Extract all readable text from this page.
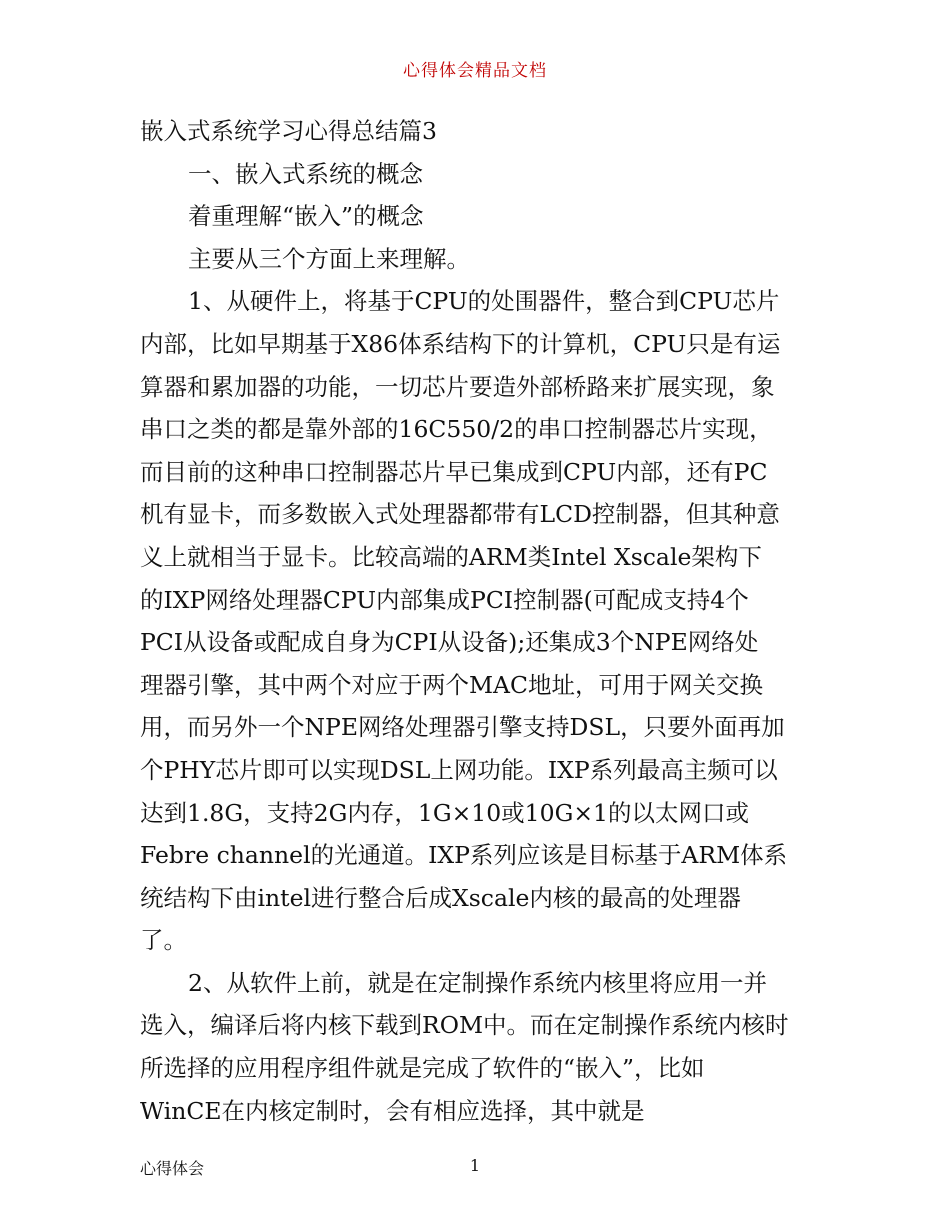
心得体会精品文档
嵌入式系统学习心得总结篇3
一、嵌入式系统的概念
着重理解“嵌入”的概念
主要从三个方面上来理解。
1、从硬件上，将基于CPU的处围器件，整合到CPU芯片
内部，比如早期基于X86体系结构下的计算机，CPU只是有运
算器和累加器的功能，一切芯片要造外部桥路来扩展实现，象
串口之类的都是靠外部的16C550/2的串口控制器芯片实现，
而目前的这种串口控制器芯片早已集成到CPU内部，还有PC
机有显卡，而多数嵌入式处理器都带有LCD控制器，但其种意
义上就相当于显卡。比较高端的ARM类Intel Xscale架构下
的IXP网络处理器CPU内部集成PCI控制器(可配成支持4个
PCI从设备或配成自身为CPI从设备);还集成3个NPE网络处
理器引擎，其中两个对应于两个MAC地址，可用于网关交换
用，而另外一个NPE网络处理器引擎支持DSL，只要外面再加
个PHY芯片即可以实现DSL上网功能。IXP系列最高主频可以
达到1.8G，支持2G内存，1G×10或10G×1的以太网口或
Febre channel的光通道。IXP系列应该是目标基于ARM体系
统结构下由intel进行整合后成Xscale内核的最高的处理器
了。
2、从软件上前，就是在定制操作系统内核里将应用一并
选入，编译后将内核下载到ROM中。而在定制操作系统内核时
所选择的应用程序组件就是完成了软件的“嵌入”，比如
WinCE在内核定制时，会有相应选择，其中就是
心得体会	1
